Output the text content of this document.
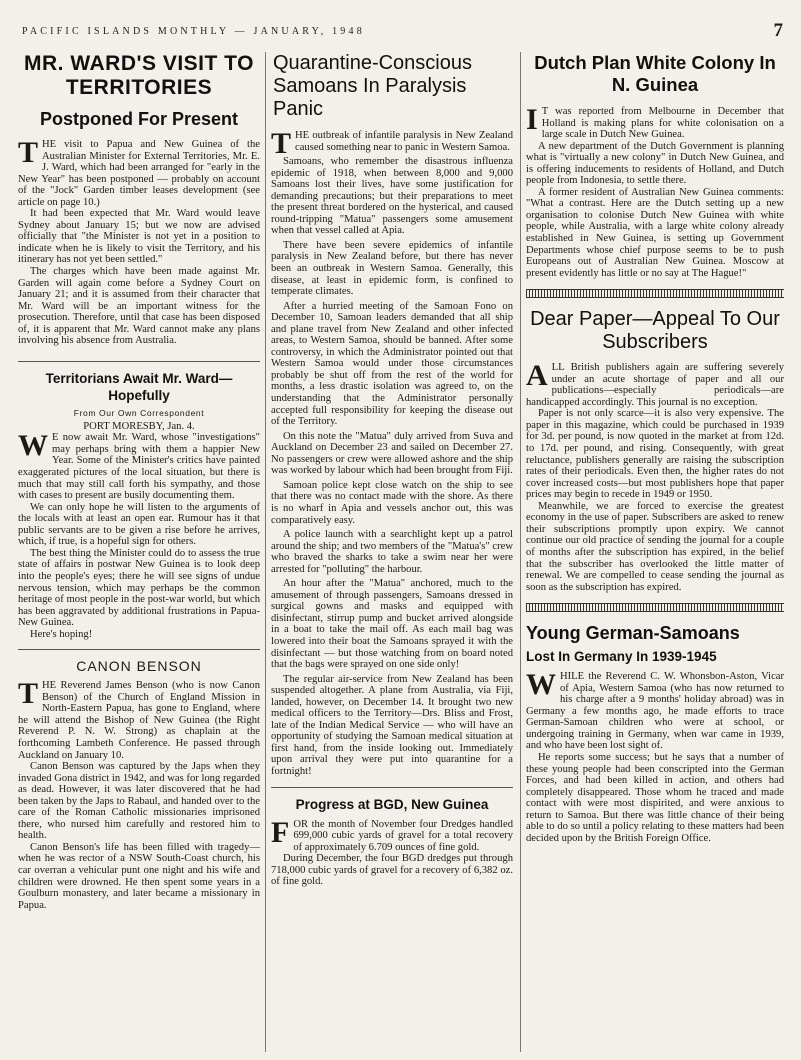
PACIFIC ISLANDS MONTHLY — JANUARY, 1948	7
MR. WARD'S VISIT TO TERRITORIES
Postponed For Present

THE visit to Papua and New Guinea of the Australian Minister for External Territories, Mr. E. J. Ward, which had been arranged for "early in the New Year" has been postponed — probably on account of the "Jock" Garden timber leases development (see article on page 10.)

It had been expected that Mr. Ward would leave Sydney about January 15; but we now are advised officially that "the Minister is not yet in a position to indicate when he is likely to visit the Territory, and his itinerary has not yet been settled."

The charges which have been made against Mr. Garden will again come before a Sydney Court on January 21; and it is assumed from their character that Mr. Ward will be an important witness for the prosecution. Therefore, until that case has been disposed of, it is apparent that Mr. Ward cannot make any plans involving his absence from Australia.

Territorians Await Mr. Ward—Hopefully
From Our Own Correspondent

PORT MORESBY, Jan. 4.

W E now await Mr. Ward, whose "investigations" may perhaps bring with them a happier New Year. Some of the Minister's critics have painted exaggerated pictures of the local situation, but there is much that may still call forth his sympathy, and those with cases to present are busily documenting them.

We can only hope he will listen to the arguments of the locals with at least an open ear. Rumour has it that public servants are to be given a rise before he arrives, which, if true, is a hopeful sign for others.

The best thing the Minister could do to assess the true state of affairs in postwar New Guinea is to look deep into the people's eyes; there he will see signs of undue nervous tension, which may perhaps be the common heritage of most people in the post-war world, but which has been aggravated by additional frustrations in Papua-New Guinea.

Here's hoping!

CANON BENSON

THE Reverend James Benson (who is now Canon Benson) of the Church of England Mission in North-Eastern Papua, has gone to England, where he will attend the Bishop of New Guinea (the Right Reverend P. N. W. Strong) as chaplain at the forthcoming Lambeth Conference. He passed through Auckland on January 10.

Canon Benson was captured by the Japs when they invaded Gona district in 1942, and was for long regarded as dead. However, it was later discovered that he had been taken by the Japs to Rabaul, and handed over to the care of the Roman Catholic missionaries imprisoned there, who nursed him carefully and restored him to health.

Canon Benson's life has been filled with tragedy—when he was rector of a NSW South-Coast church, his car overran a vehicular punt one night and his wife and children were drowned. He then spent some years in a Goulburn monastery, and later became a missionary in Papua.

Quarantine-Conscious Samoans In Paralysis Panic

THE outbreak of infantile paralysis in New Zealand caused something near to panic in Western Samoa.

Samoans, who remember the disastrous influenza epidemic of 1918, when between 8,000 and 9,000 Samoans lost their lives, have some justification for demanding precautions; but their preparations to meet the present threat bordered on the hysterical, and caused round-tripping "Matua" passengers some amusement when that vessel called at Apia.

There have been severe epidemics of infantile paralysis in New Zealand before, but there has never been an outbreak in Western Samoa. Generally, this disease, at least in epidemic form, is confined to temperate climates.

After a hurried meeting of the Samoan Fono on December 10, Samoan leaders demanded that all ship and plane travel from New Zealand and other infected areas, to Western Samoa, should be banned. After some controversy, in which the Administrator pointed out that Western Samoa would under those circumstances probably be shut off from the rest of the world for months, a less drastic isolation was agreed to, on the understanding that the Administrator personally accepted full responsibility for keeping the disease out of the Territory.

On this note the "Matua" duly arrived from Suva and Auckland on December 23 and sailed on December 27. No passengers or crew were allowed ashore and the ship was worked by labour which had been brought from Fiji.

Samoan police kept close watch on the ship to see that there was no contact made with the shore. As there is no wharf in Apia and vessels anchor out, this was comparatively easy.

A police launch with a searchlight kept up a patrol around the ship; and two members of the "Matua's" crew who braved the sharks to take a swim near her were arrested for "polluting" the harbour.

An hour after the "Matua" anchored, much to the amusement of through passengers, Samoans dressed in surgical gowns and masks and equipped with disinfectant, stirrup pump and bucket arrived alongside in a boat to take the mail off. As each mail bag was lowered into their boat the Samoans sprayed it with the disinfectant — but those watching from on board noted that the bags were sprayed on one side only!

The regular air-service from New Zealand has been suspended altogether. A plane from Australia, via Fiji, landed, however, on December 14. It brought two new medical officers to the Territory—Drs. Bliss and Frost, late of the Indian Medical Service — who will have an opportunity of studying the Samoan medical situation at first hand, from the inside looking out. Immediately upon arrival they were put into quarantine for a fortnight!

Progress at BGD, New Guinea

FOR the month of November four Dredges handled 699,000 cubic yards of gravel for a total recovery of approximately 6.709 ounces of fine gold.

During December, the four BGD dredges put through 718,000 cubic yards of gravel for a recovery of 6,382 oz. of fine gold.

Dutch Plan White Colony In N. Guinea

I T was reported from Melbourne in December that Holland is making plans for white colonisation on a large scale in Dutch New Guinea.

A new department of the Dutch Government is planning what is "virtually a new colony" in Dutch New Guinea, and is offering inducements to residents of Holland, and Dutch people from Indonesia, to settle there.

A former resident of Australian New Guinea comments: "What a contrast. Here are the Dutch setting up a new organisation to colonise Dutch New Guinea with white people, while Australia, with a large white colony already established in New Guinea, is setting up Government Departments whose chief purpose seems to be to push Europeans out of Australian New Guinea. Moscow at present evidently has little or no say at The Hague!"

Dear Paper—Appeal To Our Subscribers

ALL British publishers again are suffering severely under an acute shortage of paper and all our publications—especially periodicals—are handicapped accordingly. This journal is no exception.

Paper is not only scarce—it is also very expensive. The paper in this magazine, which could be purchased in 1939 for 3d. per pound, is now quoted in the market at from 12d. to 17d. per pound, and rising. Consequently, with great reluctance, publishers generally are raising the subscription rates of their periodicals. Even then, the higher rates do not cover increased costs—but most publishers hope that paper prices may begin to recede in 1949 or 1950.

Meanwhile, we are forced to exercise the greatest economy in the use of paper. Subscribers are asked to renew their subscriptions promptly upon expiry. We cannot continue our old practice of sending the journal for a couple of months after the subscription has expired, in the belief that the subscriber has overlooked the little matter of renewal. We are compelled to cease sending the journal as soon as the subscription has expired.

Young German-Samoans
Lost In Germany In 1939-1945

WHILE the Reverend C. W. Whonsbon-Aston, Vicar of Apia, Western Samoa (who has now returned to his charge after a 9 months' holiday abroad) was in Germany a few months ago, he made efforts to trace German-Samoan children who were at school, or undergoing training in Germany, when war came in 1939, and who have been lost sight of.

He reports some success; but he says that a number of these young people had been conscripted into the German Forces, and had been killed in action, and others had completely disappeared. Those whom he traced and made contact with were most dispirited, and were anxious to return to Samoa. But there was little chance of their being able to do so until a policy relating to these matters had been decided upon by the British Foreign Office.
